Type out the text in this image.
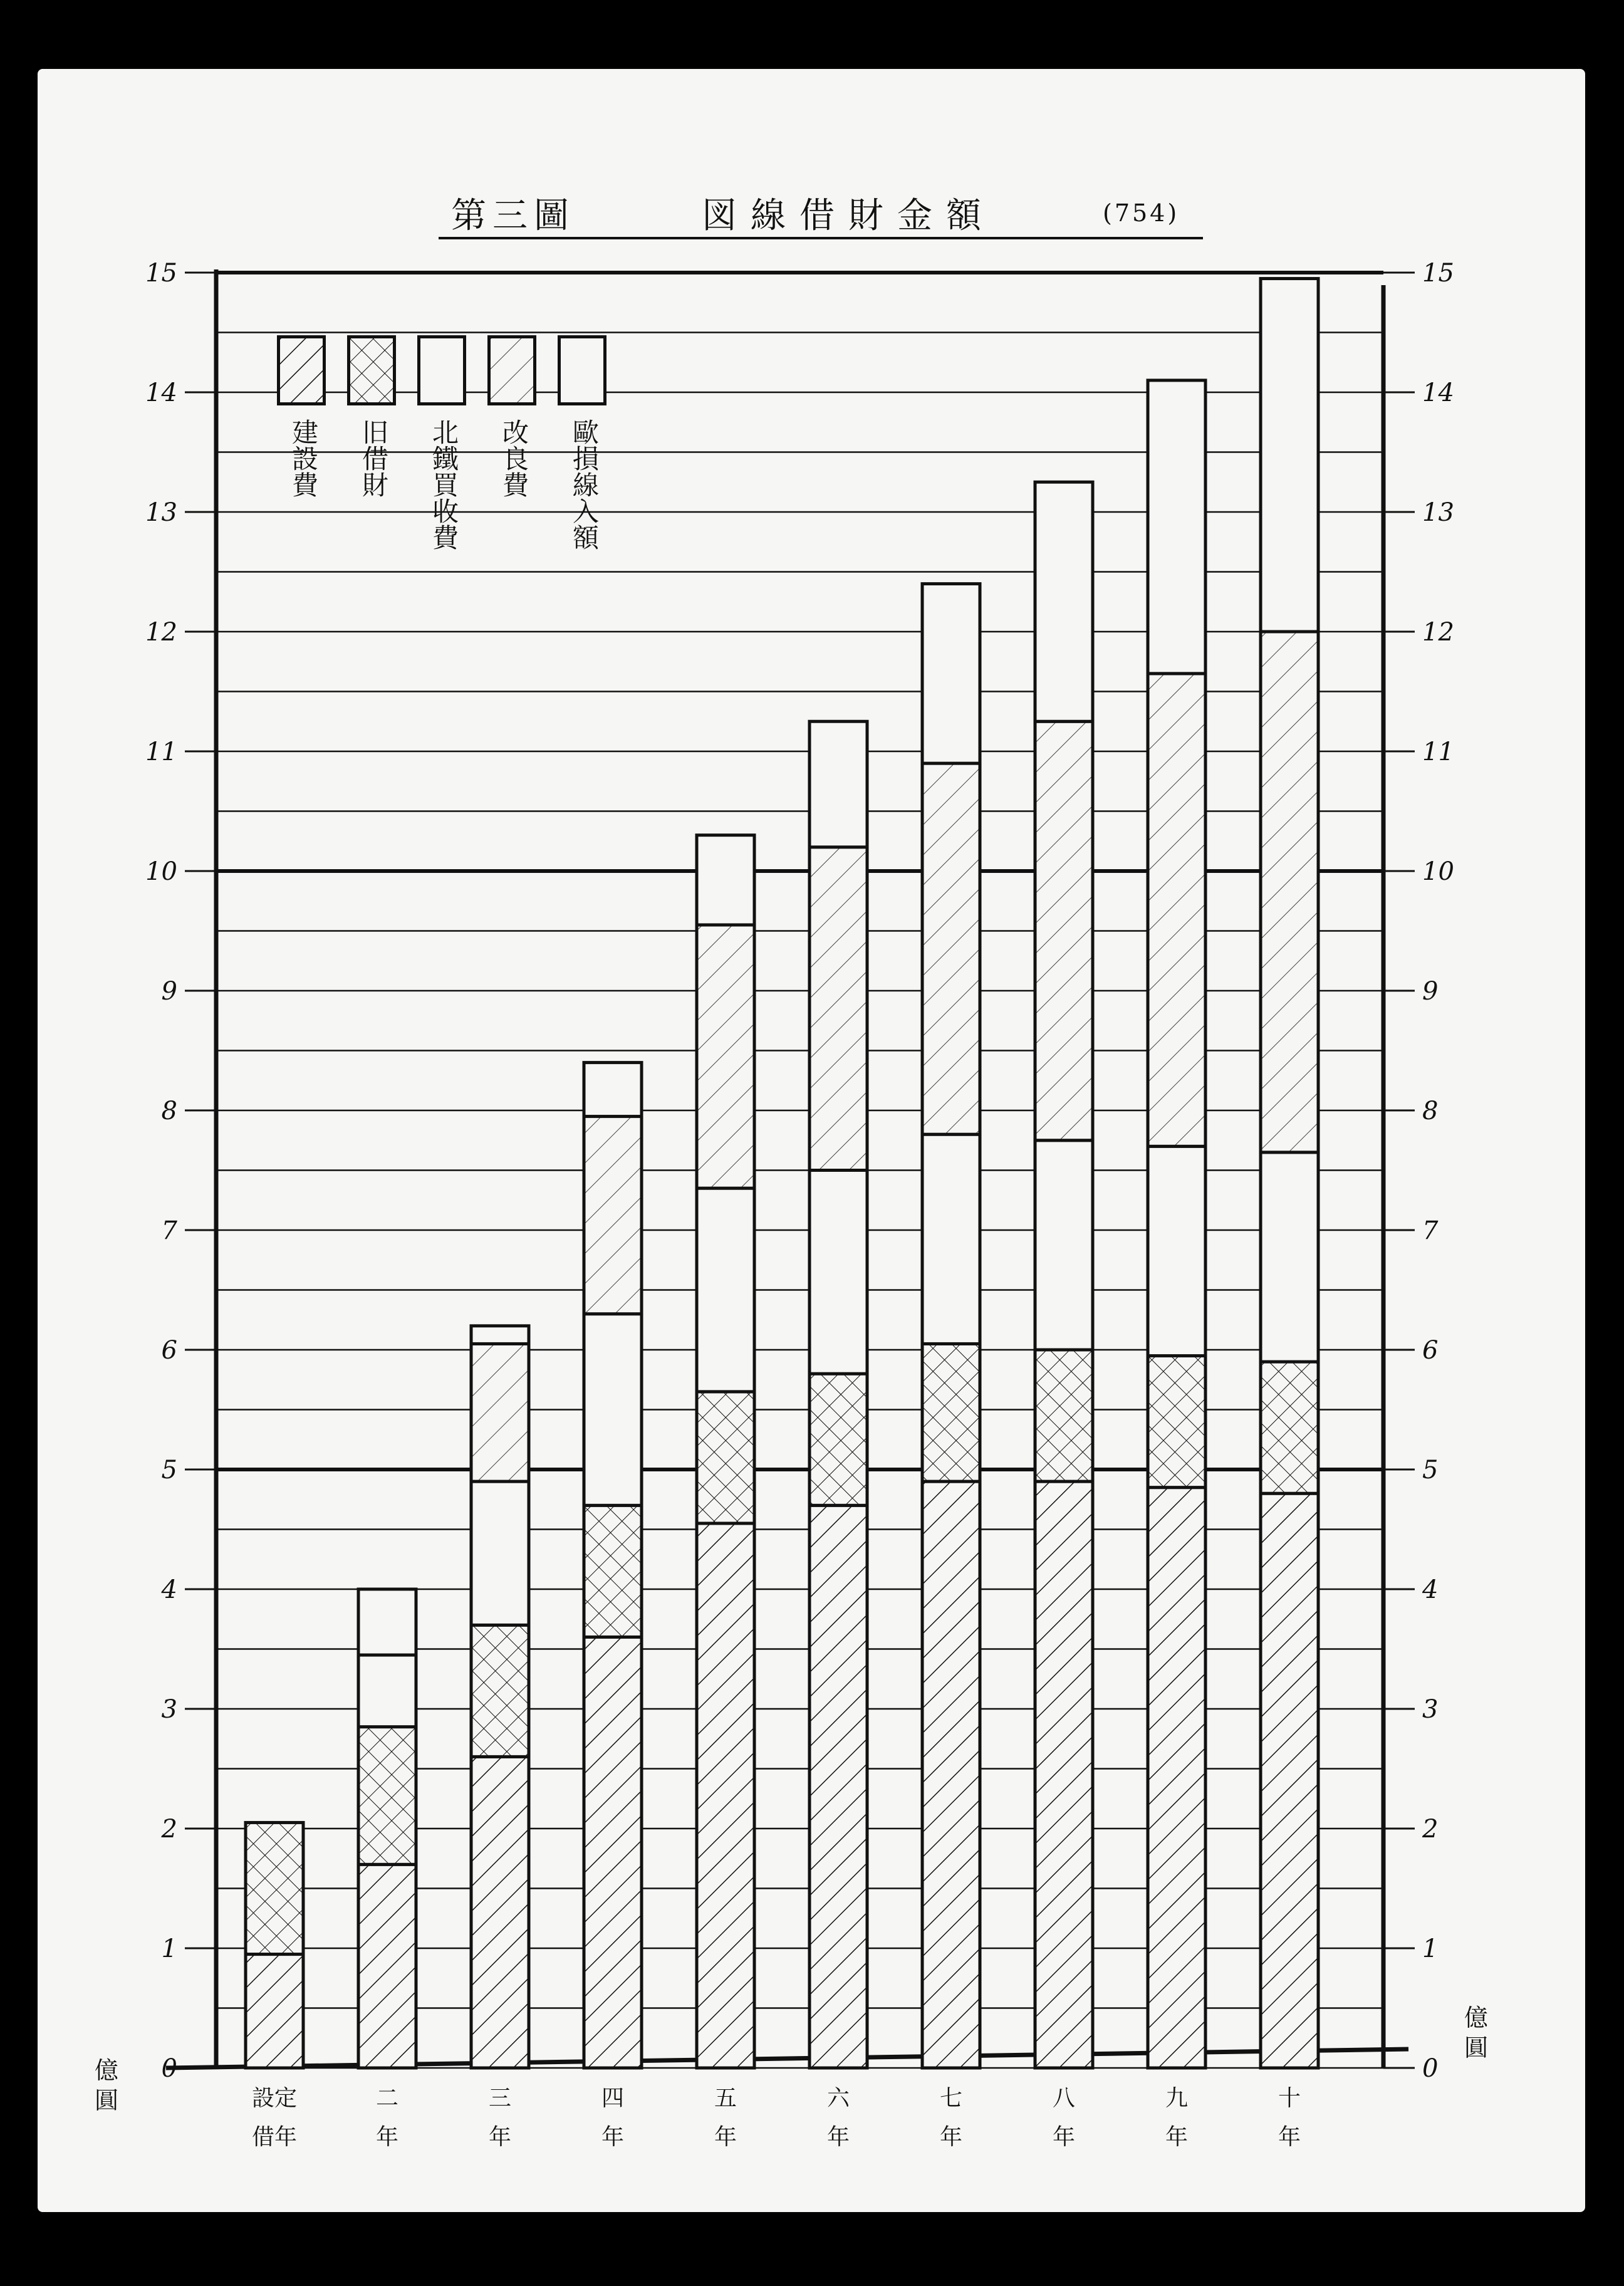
0	0
1	1
2	2
3	3
4	4
5	5
6	6
7	7
8	8
9	9
10	10
11	11
12	12
13	13
14	14
15	15
第三圖	図線借財金額	(754)
建設費 旧借財 北鐵買收費 改良費 歐損線入額
設定
借年
二
年
三
年
四
年
五
年
六
年
七
年
八
年
九
年
十
年
億圓
億圓
